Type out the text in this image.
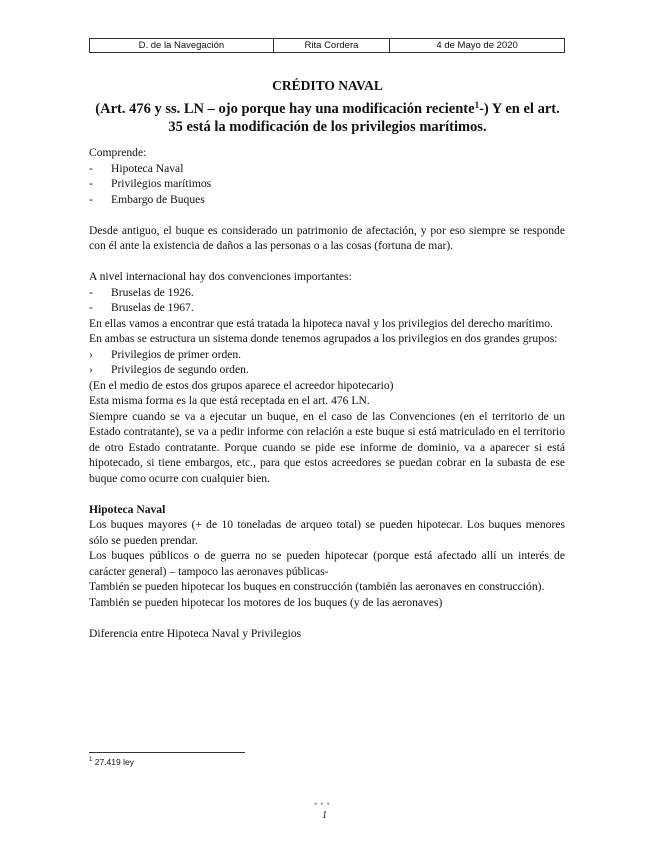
D. de la Navegación	Rita Cordera	4 de Mayo de 2020
CRÉDITO NAVAL
(Art. 476 y ss. LN – ojo porque hay una modificación reciente$^1$-) Y en el art.
35 está la modificación de los privilegios marítimos.

Comprende:

- Hipoteca Naval
- Privilegios marítimos
- Embargo de Buques

Desde antiguo, el buque es considerado un patrimonio de afectación, y por eso siempre se responde con él ante la existencia de daños a las personas o a las cosas (fortuna de mar).

A nivel internacional hay dos convenciones importantes:

- Bruselas de 1926.
- Bruselas de 1967.

En ellas vamos a encontrar que está tratada la hipoteca naval y los privilegios del derecho marítimo.

En ambas se estructura un sistema donde tenemos agrupados a los privilegios en dos grandes grupos:

› Privilegios de primer orden.
› Privilegios de segundo orden.

(En el medio de estos dos grupos aparece el acreedor hipotecario)

Esta misma forma es la que está receptada en el art. 476 LN.

Siempre cuando se va a ejecutar un buque, en el caso de las Convenciones (en el territorio de un Estado contratante), se va a pedir informe con relación a este buque si está matriculado en el territorio de otro Estado contratante. Porque cuando se pide ese informe de dominio, va a aparecer si está hipotecado, si tiene embargos, etc., para que estos acreedores se puedan cobrar en la subasta de ese buque como ocurre con cualquier bien.

Hipoteca Naval

Los buques mayores (+ de 10 toneladas de arqueo total) se pueden hipotecar. Los buques menores sólo se pueden prendar.

Los buques públicos o de guerra no se pueden hipotecar (porque está afectado allí un interés de carácter general) – tampoco las aeronaves públicas-

También se pueden hipotecar los buques en construcción (también las aeronaves en construcción).

También se pueden hipotecar los motores de los buques (y de las aeronaves)

Diferencia entre Hipoteca Naval y Privilegios

$^1$ 27.419 ley
•••
1
